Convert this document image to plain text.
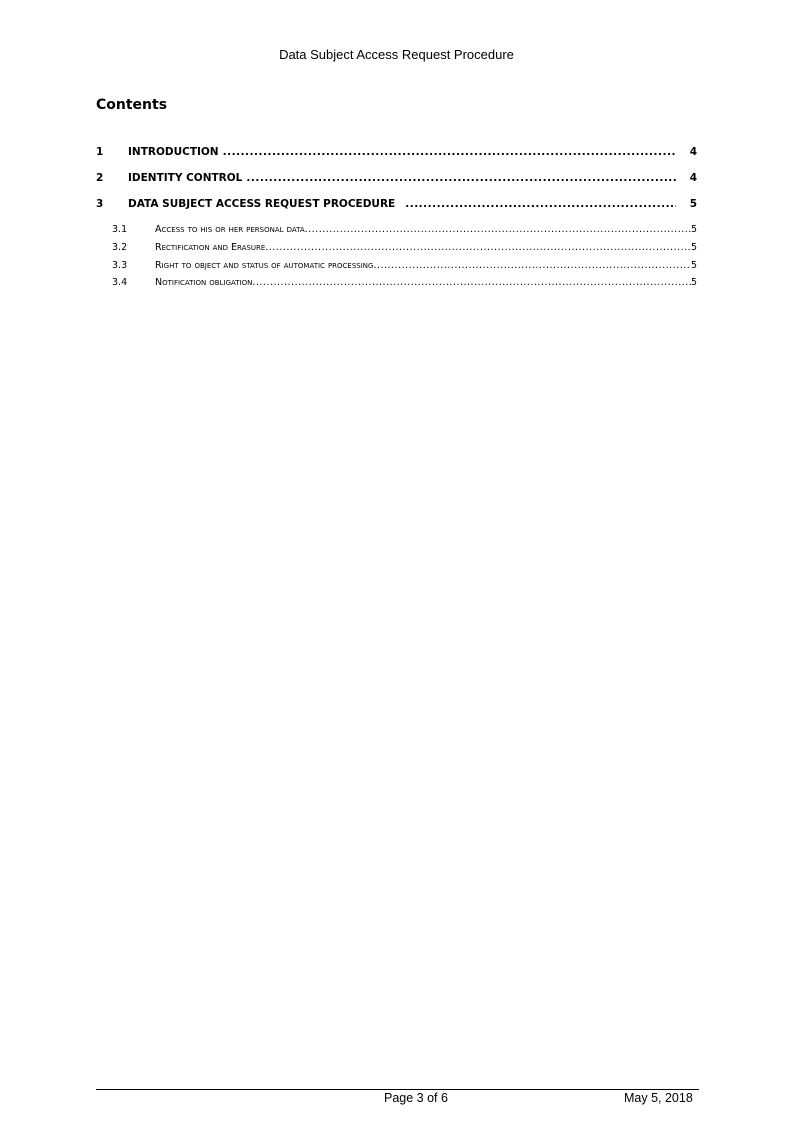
Data Subject Access Request Procedure
Contents
1	INTRODUCTION .....	4
2	IDENTITY CONTROL .....	4
3	DATA SUBJECT ACCESS REQUEST PROCEDURE .....	5
3.1	Access to his or her personal data .....	5
3.2	Rectification and Erasure .....	5
3.3	Right to object and status of automatic processing .....	5
3.4	Notification obligation .....	5
Page 3 of 6	May 5, 2018
